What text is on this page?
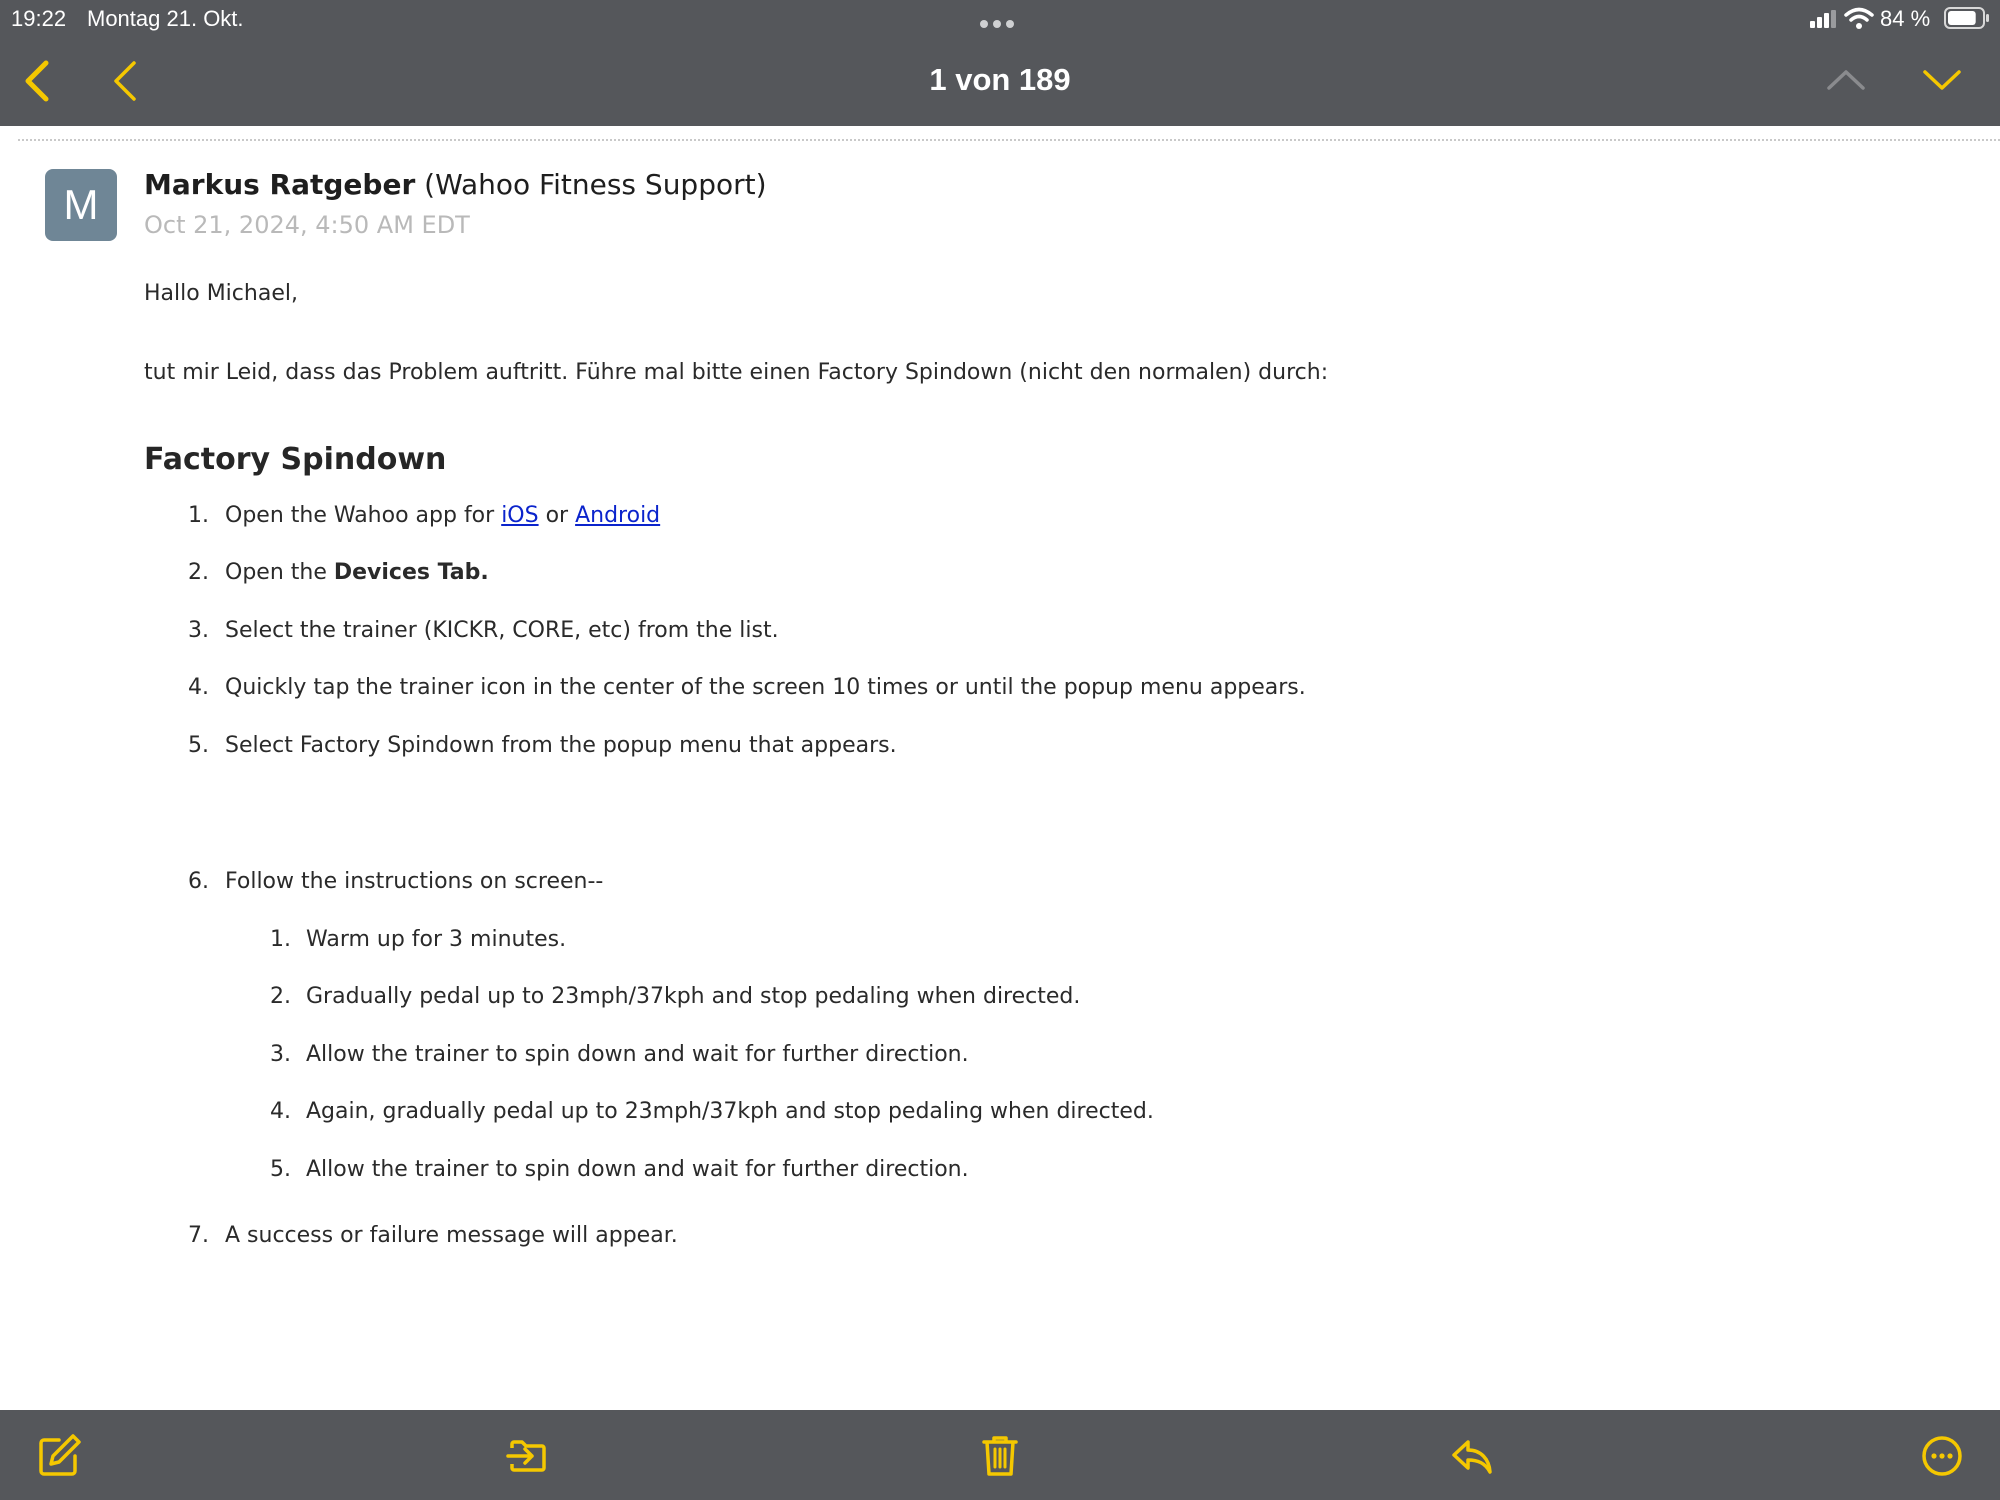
19:22 Montag 21. Okt.	84 %
1 von 189
M	Markus Ratgeber (Wahoo Fitness Support)
Oct 21, 2024, 4:50 AM EDT

Hallo Michael,

tut mir Leid, dass das Problem auftritt. Führe mal bitte einen Factory Spindown (nicht den normalen) durch:

Factory Spindown
1. Open the Wahoo app for iOS or Android
2. Open the Devices Tab.
3. Select the trainer (KICKR, CORE, etc) from the list.
4. Quickly tap the trainer icon in the center of the screen 10 times or until the popup menu appears.
5. Select Factory Spindown from the popup menu that appears.
6. Follow the instructions on screen--
1. Warm up for 3 minutes.
2. Gradually pedal up to 23mph/37kph and stop pedaling when directed.
3. Allow the trainer to spin down and wait for further direction.
4. Again, gradually pedal up to 23mph/37kph and stop pedaling when directed.
5. Allow the trainer to spin down and wait for further direction.
7. A success or failure message will appear.
